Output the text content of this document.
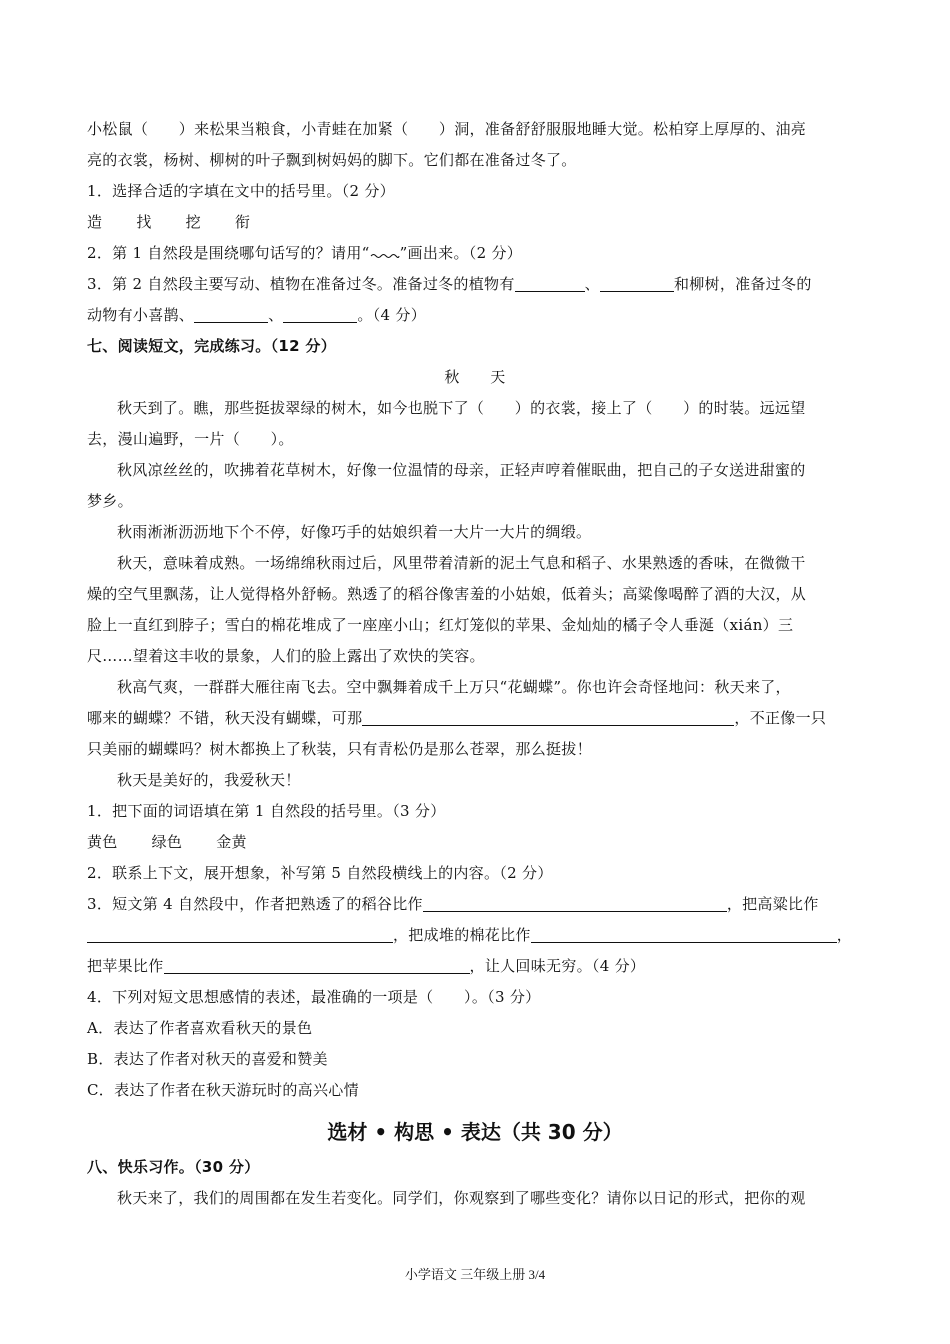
小松鼠（　　）来松果当粮食，小青蛙在加紧（　　）洞，准备舒舒服服地睡大觉。松柏穿上厚厚的、油亮
亮的衣裳，杨树、柳树的叶子飘到树妈妈的脚下。它们都在准备过冬了。
1．选择合适的字填在文中的括号里。（2 分）
造 找 挖 衔
2．第 1 自然段是围绕哪句话写的？请用“ ”画出来。（2 分）
3．第 2 自然段主要写动、植物在准备过冬。准备过冬的植物有	、	和柳树，准备过冬的
动物有小喜鹊、	、	。（4 分）
七、阅读短文，完成练习。（12 分）
秋　　天
秋天到了。瞧，那些挺拔翠绿的树木，如今也脱下了（　　）的衣裳，接上了（　　）的时装。远远望
去，漫山遍野，一片（　　）。
秋风凉丝丝的，吹拂着花草树木，好像一位温情的母亲，正轻声哼着催眠曲，把自己的子女送进甜蜜的
梦乡。
秋雨淅淅沥沥地下个不停，好像巧手的姑娘织着一大片一大片的绸缎。
秋天，意味着成熟。一场绵绵秋雨过后，风里带着清新的泥土气息和稻子、水果熟透的香味，在微微干
燥的空气里飘荡，让人觉得格外舒畅。熟透了的稻谷像害羞的小姑娘，低着头；高粱像喝醉了酒的大汉，从
脸上一直红到脖子；雪白的棉花堆成了一座座小山；红灯笼似的苹果、金灿灿的橘子令人垂涎（xián）三
尺……望着这丰收的景象，人们的脸上露出了欢快的笑容。
秋高气爽，一群群大雁往南飞去。空中飘舞着成千上万只“花蝴蝶”。你也许会奇怪地问：秋天来了，
哪来的蝴蝶？不错，秋天没有蝴蝶，可那	，不正像一只
只美丽的蝴蝶吗？树木都换上了秋装，只有青松仍是那么苍翠，那么挺拔！
秋天是美好的，我爱秋天！
1．把下面的词语填在第 1 自然段的括号里。（3 分）
黄色 绿色 金黄
2．联系上下文，展开想象，补写第 5 自然段横线上的内容。（2 分）
3．短文第 4 自然段中，作者把熟透了的稻谷比作	，把高粱比作
，把成堆的棉花比作	，
把苹果比作	，让人回味无穷。（4 分）
4．下列对短文思想感情的表述，最准确的一项是（　　）。（3 分）
A．表达了作者喜欢看秋天的景色
B．表达了作者对秋天的喜爱和赞美
C．表达了作者在秋天游玩时的高兴心情
选材 • 构思 • 表达（共 30 分）
八、快乐习作。（30 分）
秋天来了，我们的周围都在发生若变化。同学们，你观察到了哪些变化？请你以日记的形式，把你的观
小学语文 三年级上册 3/4
